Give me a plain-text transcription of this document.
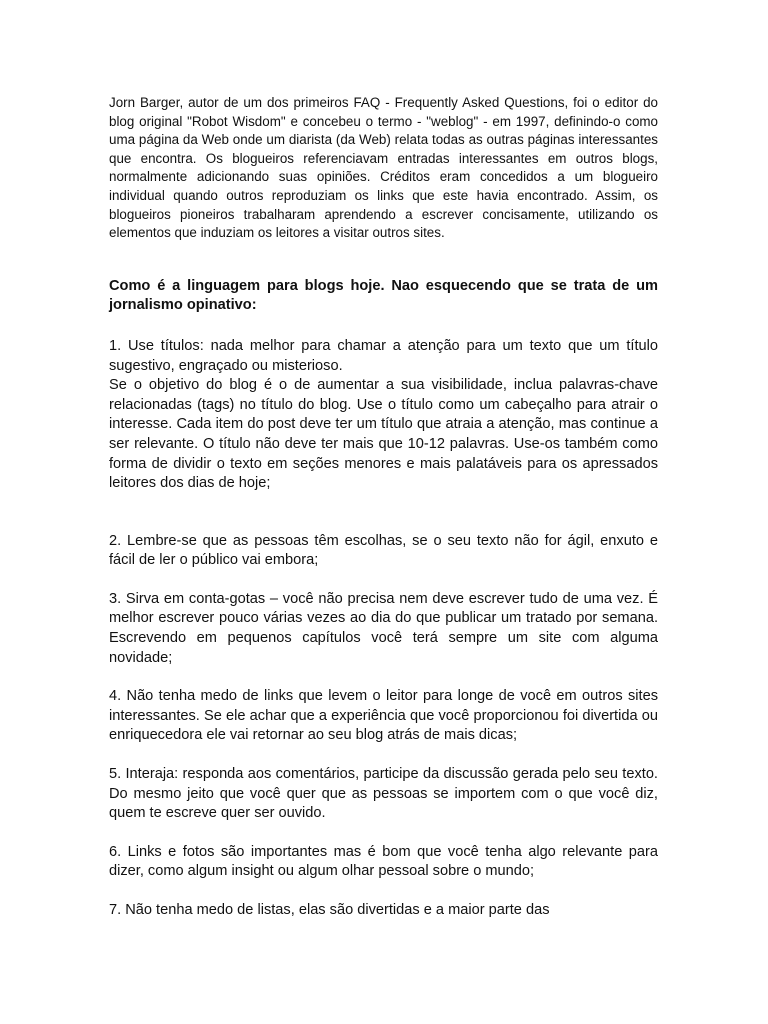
Jorn Barger, autor de um dos primeiros FAQ - Frequently Asked Questions, foi o editor do blog original "Robot Wisdom" e concebeu o termo - "weblog" - em 1997, definindo-o como uma página da Web onde um diarista (da Web) relata todas as outras páginas interessantes que encontra. Os blogueiros referenciavam entradas interessantes em outros blogs, normalmente adicionando suas opiniões. Créditos eram concedidos a um blogueiro individual quando outros reproduziam os links que este havia encontrado. Assim, os blogueiros pioneiros trabalharam aprendendo a escrever concisamente, utilizando os elementos que induziam os leitores a visitar outros sites.

Como é a linguagem para blogs hoje. Nao esquecendo que se trata de um jornalismo opinativo:

1. Use títulos: nada melhor para chamar a atenção para um texto que um título sugestivo, engraçado ou misterioso.

Se o objetivo do blog é o de aumentar a sua visibilidade, inclua palavras-chave relacionadas (tags) no título do blog. Use o título como um cabeçalho para atrair o interesse. Cada item do post deve ter um título que atraia a atenção, mas continue a ser relevante. O título não deve ter mais que 10-12 palavras. Use-os também como forma de dividir o texto em seções menores e mais palatáveis para os apressados leitores dos dias de hoje;

2. Lembre-se que as pessoas têm escolhas, se o seu texto não for ágil, enxuto e fácil de ler o público vai embora;

3. Sirva em conta-gotas – você não precisa nem deve escrever tudo de uma vez. É melhor escrever pouco várias vezes ao dia do que publicar um tratado por semana. Escrevendo em pequenos capítulos você terá sempre um site com alguma novidade;

4. Não tenha medo de links que levem o leitor para longe de você em outros sites interessantes. Se ele achar que a experiência que você proporcionou foi divertida ou enriquecedora ele vai retornar ao seu blog atrás de mais dicas;

5. Interaja: responda aos comentários, participe da discussão gerada pelo seu texto. Do mesmo jeito que você quer que as pessoas se importem com o que você diz, quem te escreve quer ser ouvido.

6. Links e fotos são importantes mas é bom que você tenha algo relevante para dizer, como algum insight ou algum olhar pessoal sobre o mundo;

7. Não tenha medo de listas, elas são divertidas e a maior parte das
